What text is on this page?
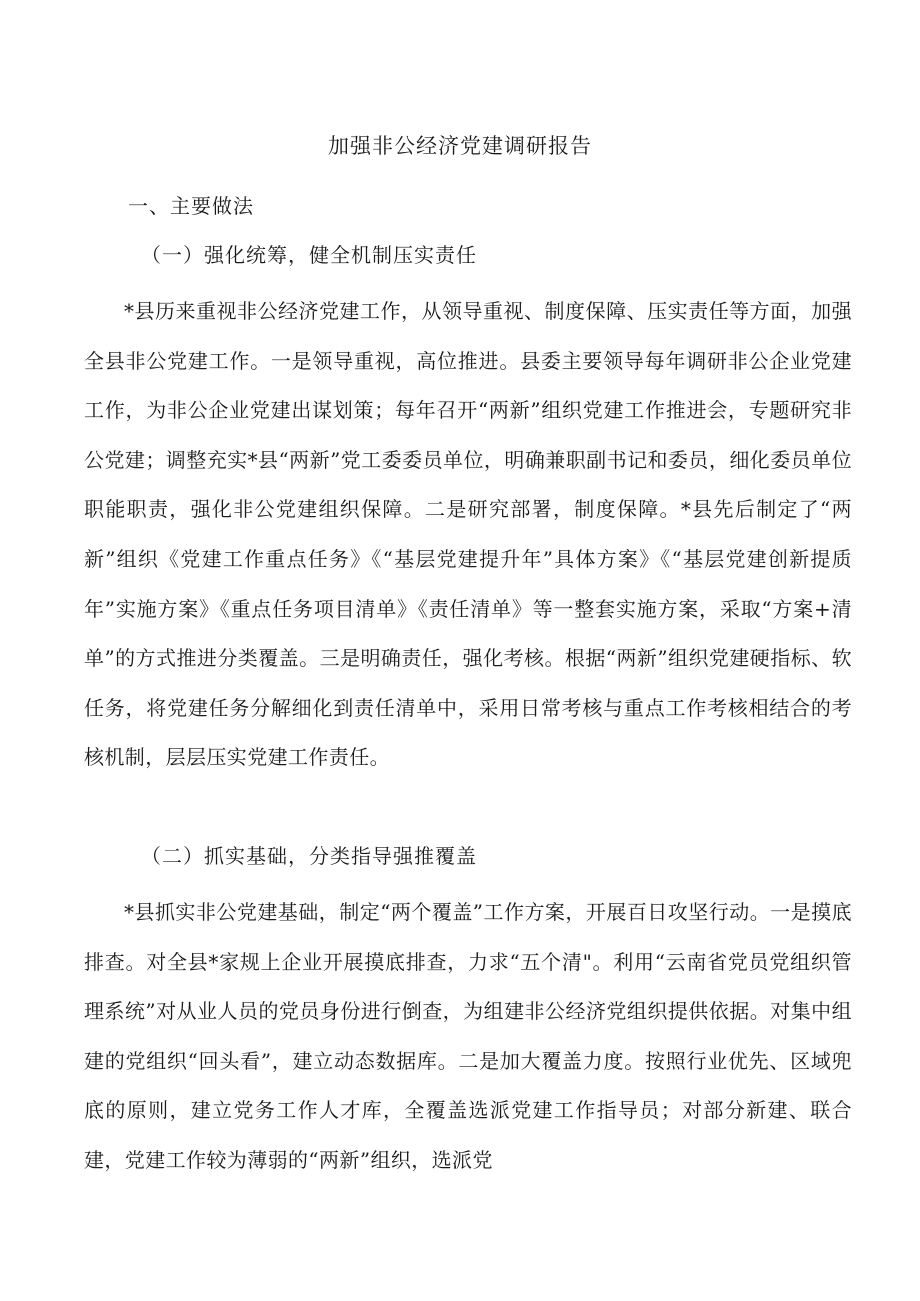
加强非公经济党建调研报告
一、主要做法
（一）强化统筹，健全机制压实责任

*县历来重视非公经济党建工作，从领导重视、制度保障、压实责任等方面，加强全县非公党建工作。一是领导重视，高位推进。县委主要领导每年调研非公企业党建工作，为非公企业党建出谋划策；每年召开“两新”组织党建工作推进会，专题研究非公党建；调整充实*县“两新”党工委委员单位，明确兼职副书记和委员，细化委员单位职能职责，强化非公党建组织保障。二是研究部署，制度保障。*县先后制定了“两新”组织《党建工作重点任务》《“基层党建提升年”具体方案》《“基层党建创新提质年”实施方案》《重点任务项目清单》《责任清单》等一整套实施方案，采取“方案+清单”的方式推进分类覆盖。三是明确责任，强化考核。根据“两新”组织党建硬指标、软任务，将党建任务分解细化到责任清单中，采用日常考核与重点工作考核相结合的考核机制，层层压实党建工作责任。

（二）抓实基础，分类指导强推覆盖

*县抓实非公党建基础，制定“两个覆盖”工作方案，开展百日攻坚行动。一是摸底排查。对全县*家规上企业开展摸底排查，力求“五个清"。利用“云南省党员党组织管理系统”对从业人员的党员身份进行倒查，为组建非公经济党组织提供依据。对集中组建的党组织“回头看”，建立动态数据库。二是加大覆盖力度。按照行业优先、区域兜底的原则，建立党务工作人才库，全覆盖选派党建工作指导员；对部分新建、联合建，党建工作较为薄弱的“两新”组织，选派党
